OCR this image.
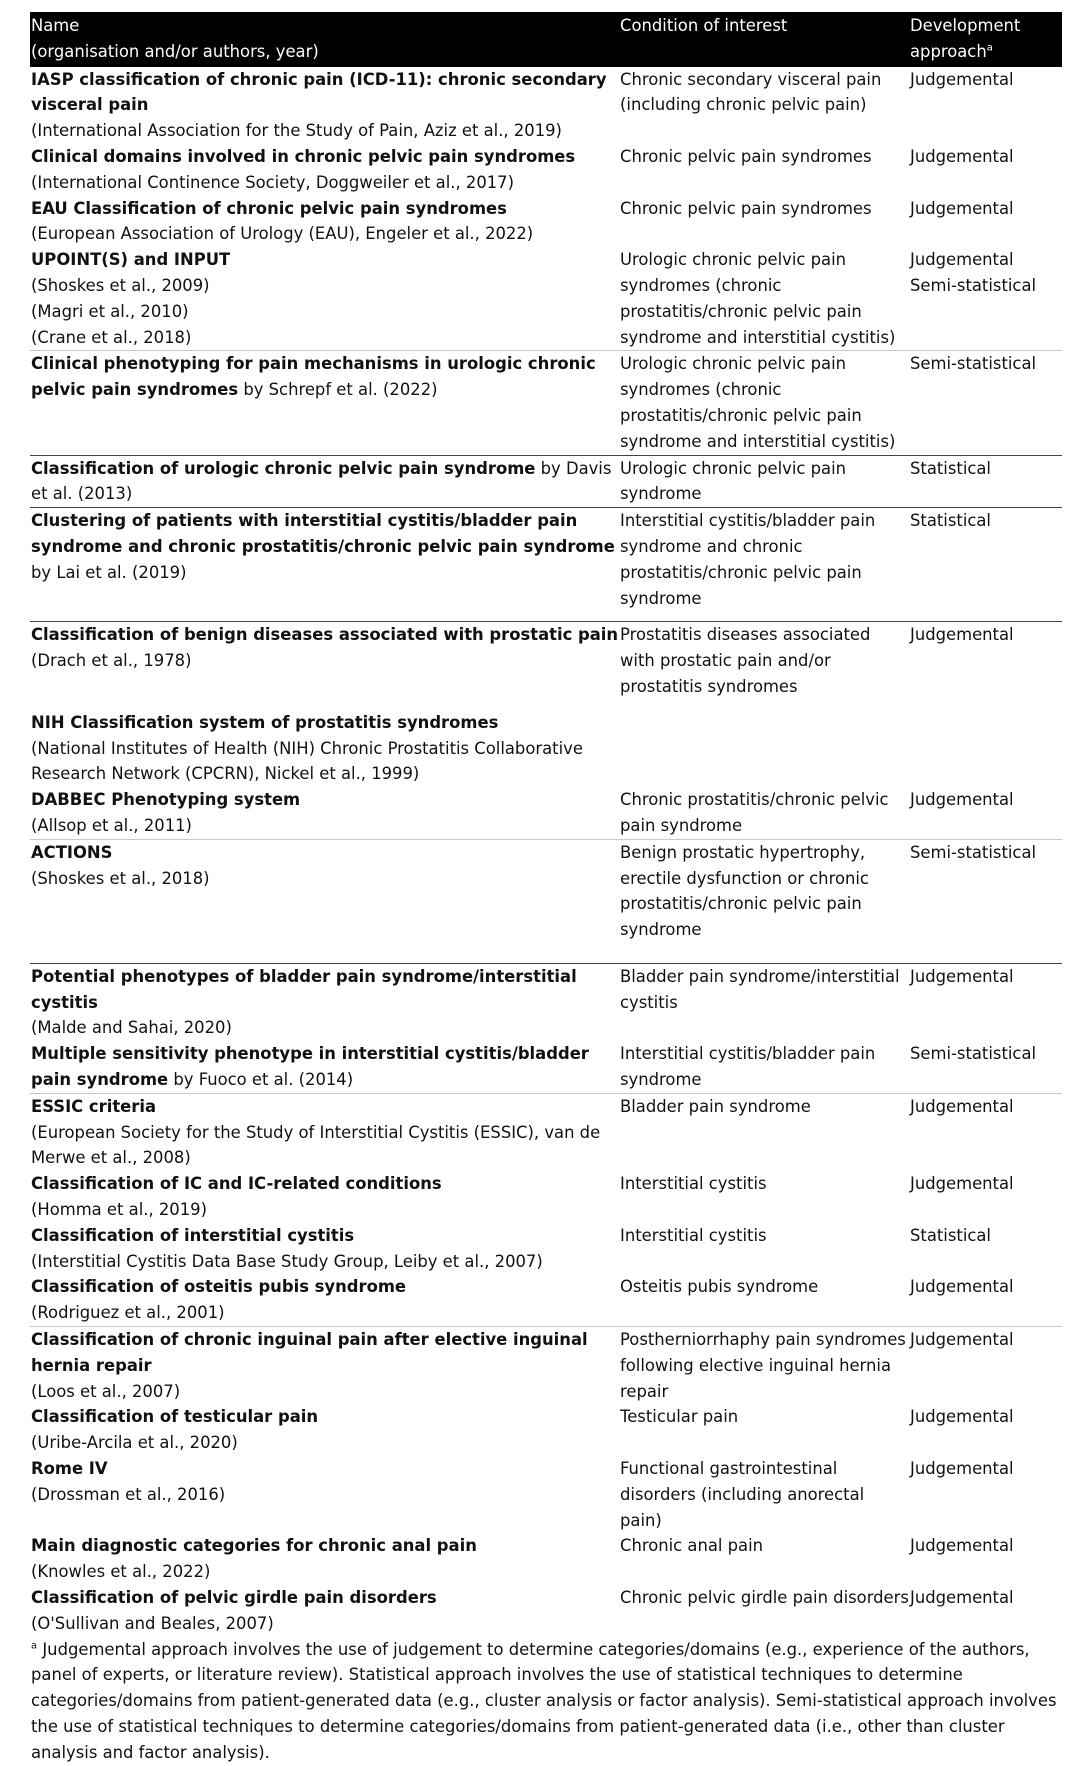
Name
(organisation and/or authors, year)	Condition of interest	Development
approach$^a$

IASP classification of chronic pain (ICD-11): chronic secondary visceral pain
(International Association for the Study of Pain, Aziz et al., 2019)	Chronic secondary visceral pain (including chronic pelvic pain)	Judgemental

Clinical domains involved in chronic pelvic pain syndromes
(International Continence Society, Doggweiler et al., 2017)	Chronic pelvic pain syndromes	Judgemental

EAU Classification of chronic pelvic pain syndromes
(European Association of Urology (EAU), Engeler et al., 2022)	Chronic pelvic pain syndromes	Judgemental

UPOINT(S) and INPUT
(Shoskes et al., 2009)
(Magri et al., 2010)
(Crane et al., 2018)	Urologic chronic pelvic pain syndromes (chronic prostatitis/chronic pelvic pain syndrome and interstitial cystitis)	Judgemental
Semi-statistical

Clinical phenotyping for pain mechanisms in urologic chronic pelvic pain syndromes by Schrepf et al. (2022)	Urologic chronic pelvic pain syndromes (chronic prostatitis/chronic pelvic pain syndrome and interstitial cystitis)	Semi-statistical
Classification of urologic chronic pelvic pain syndrome by Davis et al. (2013)	Urologic chronic pelvic pain syndrome	Statistical
Clustering of patients with interstitial cystitis/bladder pain syndrome and chronic prostatitis/chronic pelvic pain syndrome by Lai et al. (2019)	Interstitial cystitis/bladder pain syndrome and chronic prostatitis/chronic pelvic pain syndrome	Statistical

Classification of benign diseases associated with prostatic pain
(Drach et al., 1978)	Prostatitis diseases associated with prostatic pain and/or prostatitis syndromes	Judgemental

NIH Classification system of prostatitis syndromes
(National Institutes of Health (NIH) Chronic Prostatitis Collaborative Research Network (CPCRN), Nickel et al., 1999)		

DABBEC Phenotyping system
(Allsop et al., 2011)	Chronic prostatitis/chronic pelvic pain syndrome	Judgemental

ACTIONS
(Shoskes et al., 2018)	Benign prostatic hypertrophy, erectile dysfunction or chronic prostatitis/chronic pelvic pain syndrome	Semi-statistical

Potential phenotypes of bladder pain syndrome/interstitial cystitis
(Malde and Sahai, 2020)	Bladder pain syndrome/interstitial cystitis	Judgemental
Multiple sensitivity phenotype in interstitial cystitis/bladder pain syndrome by Fuoco et al. (2014)	Interstitial cystitis/bladder pain syndrome	Semi-statistical

ESSIC criteria
(European Society for the Study of Interstitial Cystitis (ESSIC), van de Merwe et al., 2008)	Bladder pain syndrome	Judgemental

Classification of IC and IC-related conditions
(Homma et al., 2019)	Interstitial cystitis	Judgemental

Classification of interstitial cystitis
(Interstitial Cystitis Data Base Study Group, Leiby et al., 2007)	Interstitial cystitis	Statistical

Classification of osteitis pubis syndrome
(Rodriguez et al., 2001)	Osteitis pubis syndrome	Judgemental

Classification of chronic inguinal pain after elective inguinal hernia repair
(Loos et al., 2007)	Postherniorrhaphy pain syndromes following elective inguinal hernia repair	Judgemental

Classification of testicular pain
(Uribe-Arcila et al., 2020)	Testicular pain	Judgemental

Rome IV
(Drossman et al., 2016)	Functional gastrointestinal disorders (including anorectal pain)	Judgemental

Main diagnostic categories for chronic anal pain
(Knowles et al., 2022)	Chronic anal pain	Judgemental

Classification of pelvic girdle pain disorders
(O'Sullivan and Beales, 2007)	Chronic pelvic girdle pain disorders	Judgemental
$^a$ Judgemental approach involves the use of judgement to determine categories/domains (e.g., experience of the authors, panel of experts, or literature review). Statistical approach involves the use of statistical techniques to determine categories/domains from patient-generated data (e.g., cluster analysis or factor analysis). Semi-statistical approach involves the use of statistical techniques to determine categories/domains from patient-generated data (i.e., other than cluster analysis and factor analysis).
